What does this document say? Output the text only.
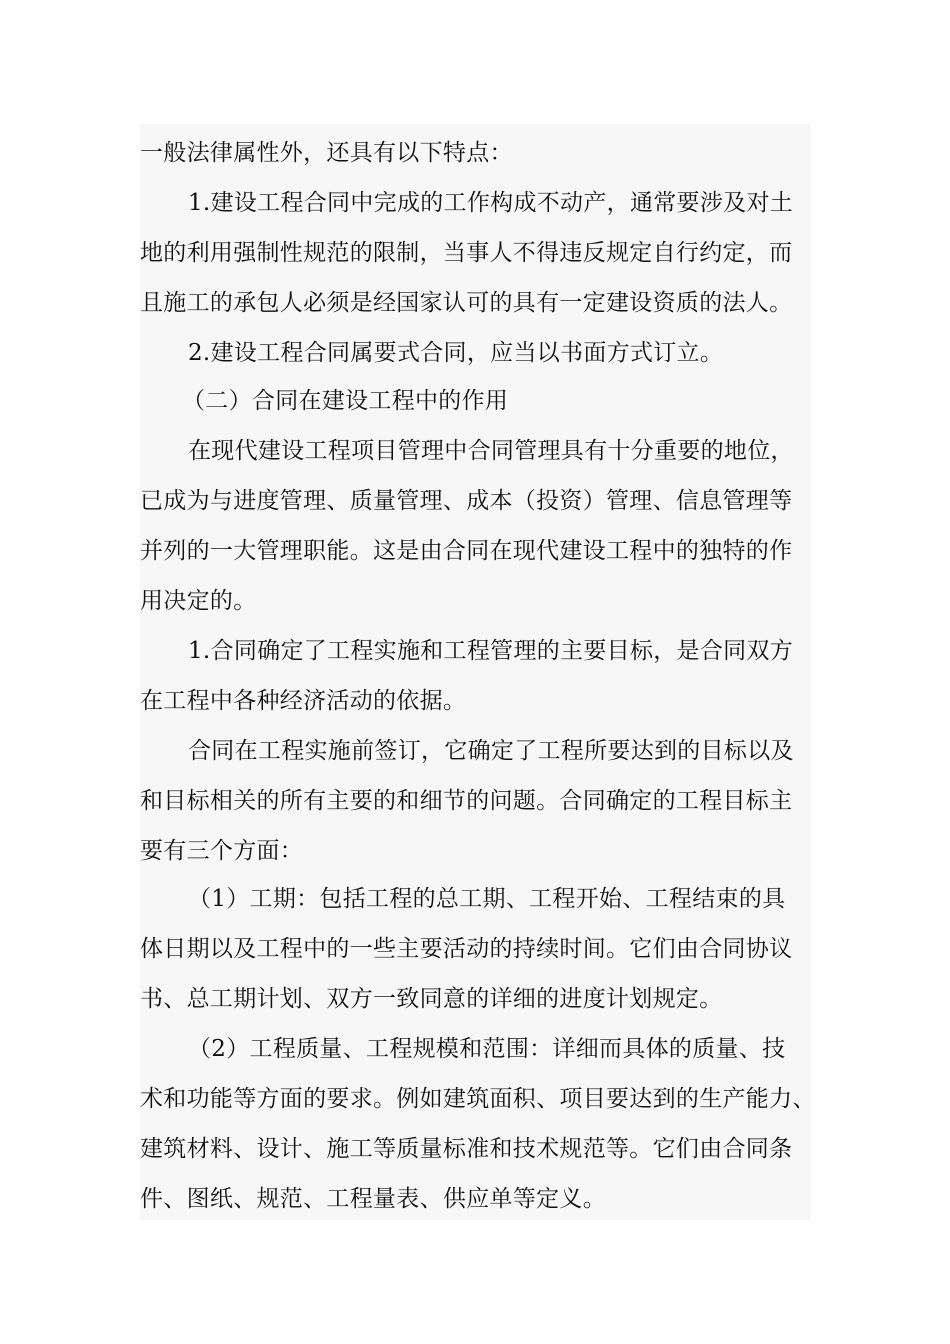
一般法律属性外，还具有以下特点：
1.建设工程合同中完成的工作构成不动产，通常要涉及对土
地的利用强制性规范的限制，当事人不得违反规定自行约定，而
且施工的承包人必须是经国家认可的具有一定建设资质的法人。
2.建设工程合同属要式合同，应当以书面方式订立。
（二）合同在建设工程中的作用
在现代建设工程项目管理中合同管理具有十分重要的地位，
已成为与进度管理、质量管理、成本（投资）管理、信息管理等
并列的一大管理职能。这是由合同在现代建设工程中的独特的作
用决定的。
1.合同确定了工程实施和工程管理的主要目标，是合同双方
在工程中各种经济活动的依据。
合同在工程实施前签订，它确定了工程所要达到的目标以及
和目标相关的所有主要的和细节的问题。合同确定的工程目标主
要有三个方面：
（1）工期：包括工程的总工期、工程开始、工程结束的具
体日期以及工程中的一些主要活动的持续时间。它们由合同协议
书、总工期计划、双方一致同意的详细的进度计划规定。
（2）工程质量、工程规模和范围：详细而具体的质量、技
术和功能等方面的要求。例如建筑面积、项目要达到的生产能力、
建筑材料、设计、施工等质量标准和技术规范等。它们由合同条
件、图纸、规范、工程量表、供应单等定义。
